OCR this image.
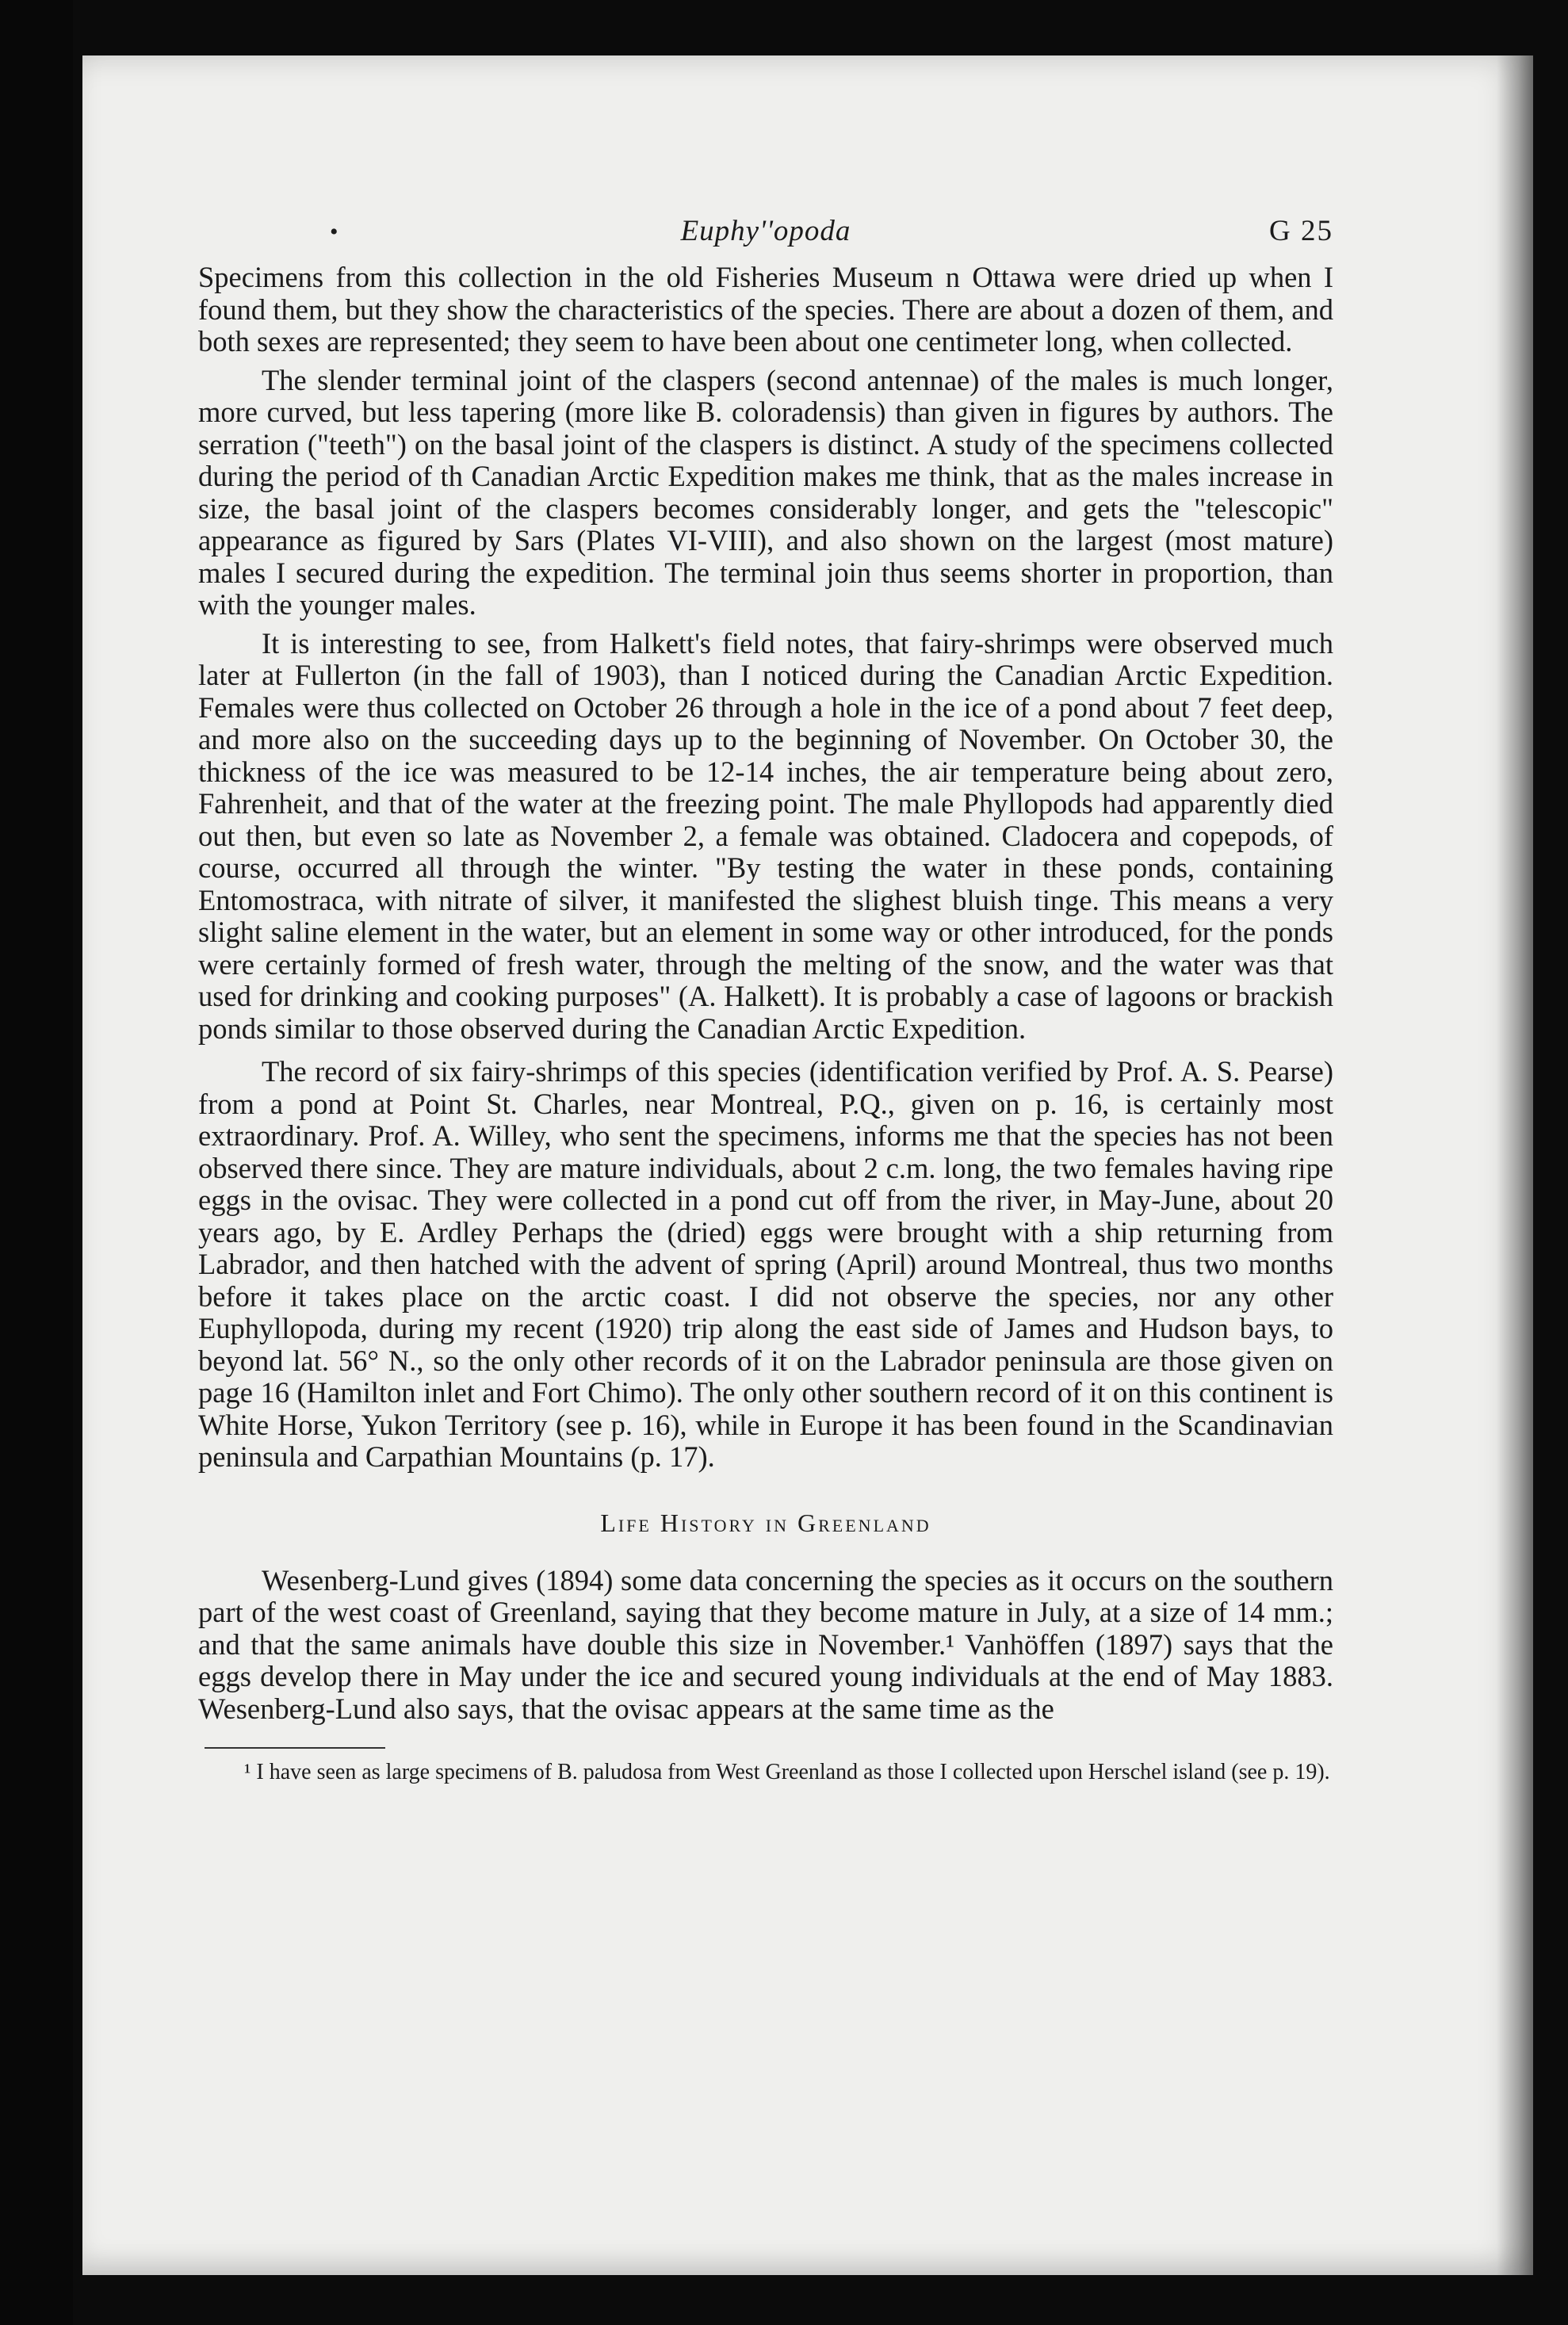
•	Euphy''opoda	G 25

Specimens from this collection in the old Fisheries Museum n Ottawa were dried up when I found them, but they show the characteristics of the species. There are about a dozen of them, and both sexes are represented; they seem to have been about one centimeter long, when collected.

The slender terminal joint of the claspers (second antennae) of the males is much longer, more curved, but less tapering (more like B. coloradensis) than given in figures by authors. The serration ("teeth") on the basal joint of the claspers is distinct. A study of the specimens collected during the period of th Canadian Arctic Expedition makes me think, that as the males increase in size, the basal joint of the claspers becomes considerably longer, and gets the "telescopic" appearance as figured by Sars (Plates VI-VIII), and also shown on the largest (most mature) males I secured during the expedition. The terminal join thus seems shorter in proportion, than with the younger males.

It is interesting to see, from Halkett's field notes, that fairy-shrimps were observed much later at Fullerton (in the fall of 1903), than I noticed during the Canadian Arctic Expedition. Females were thus collected on October 26 through a hole in the ice of a pond about 7 feet deep, and more also on the succeeding days up to the beginning of November. On October 30, the thickness of the ice was measured to be 12-14 inches, the air temperature being about zero, Fahrenheit, and that of the water at the freezing point. The male Phyllopods had apparently died out then, but even so late as November 2, a female was obtained. Cladocera and copepods, of course, occurred all through the winter. "By testing the water in these ponds, containing Entomostraca, with nitrate of silver, it manifested the slighest bluish tinge. This means a very slight saline element in the water, but an element in some way or other introduced, for the ponds were certainly formed of fresh water, through the melting of the snow, and the water was that used for drinking and cooking purposes" (A. Halkett). It is probably a case of lagoons or brackish ponds similar to those observed during the Canadian Arctic Expedition.

The record of six fairy-shrimps of this species (identification verified by Prof. A. S. Pearse) from a pond at Point St. Charles, near Montreal, P.Q., given on p. 16, is certainly most extraordinary. Prof. A. Willey, who sent the specimens, informs me that the species has not been observed there since. They are mature individuals, about 2 c.m. long, the two females having ripe eggs in the ovisac. They were collected in a pond cut off from the river, in May-June, about 20 years ago, by E. Ardley Perhaps the (dried) eggs were brought with a ship returning from Labrador, and then hatched with the advent of spring (April) around Montreal, thus two months before it takes place on the arctic coast. I did not observe the species, nor any other Euphyllopoda, during my recent (1920) trip along the east side of James and Hudson bays, to beyond lat. 56° N., so the only other records of it on the Labrador peninsula are those given on page 16 (Hamilton inlet and Fort Chimo). The only other southern record of it on this continent is White Horse, Yukon Territory (see p. 16), while in Europe it has been found in the Scandinavian peninsula and Carpathian Mountains (p. 17).

Life History in Greenland

Wesenberg-Lund gives (1894) some data concerning the species as it occurs on the southern part of the west coast of Greenland, saying that they become mature in July, at a size of 14 mm.; and that the same animals have double this size in November.¹ Vanhöffen (1897) says that the eggs develop there in May under the ice and secured young individuals at the end of May 1883. Wesenberg-Lund also says, that the ovisac appears at the same time as the

¹ I have seen as large specimens of B. paludosa from West Greenland as those I collected upon Herschel island (see p. 19).
